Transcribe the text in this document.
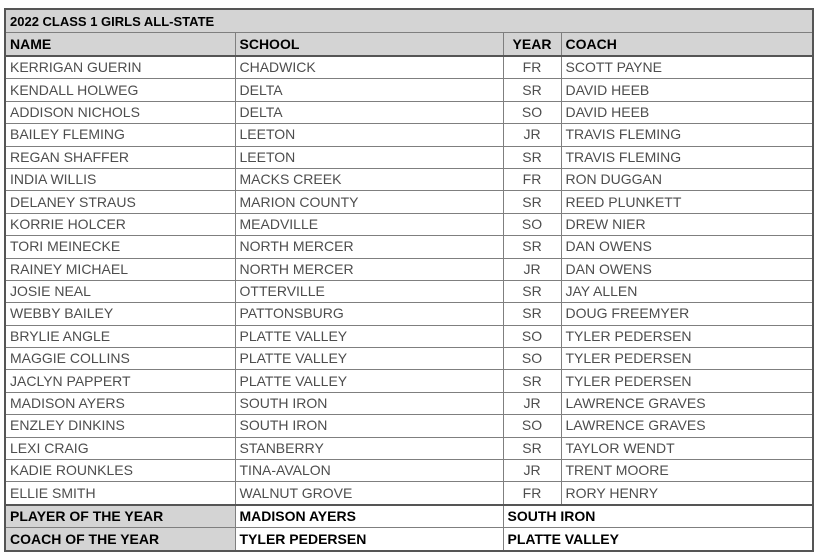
2022 CLASS 1 GIRLS ALL-STATE			
NAME	SCHOOL	YEAR	COACH
KERRIGAN GUERIN	CHADWICK	FR	SCOTT PAYNE
KENDALL HOLWEG	DELTA	SR	DAVID HEEB
ADDISON NICHOLS	DELTA	SO	DAVID HEEB
BAILEY FLEMING	LEETON	JR	TRAVIS FLEMING
REGAN SHAFFER	LEETON	SR	TRAVIS FLEMING
INDIA WILLIS	MACKS CREEK	FR	RON DUGGAN
DELANEY STRAUS	MARION COUNTY	SR	REED PLUNKETT
KORRIE HOLCER	MEADVILLE	SO	DREW NIER
TORI MEINECKE	NORTH MERCER	SR	DAN OWENS
RAINEY MICHAEL	NORTH MERCER	JR	DAN OWENS
JOSIE NEAL	OTTERVILLE	SR	JAY ALLEN
WEBBY BAILEY	PATTONSBURG	SR	DOUG FREEMYER
BRYLIE ANGLE	PLATTE VALLEY	SO	TYLER PEDERSEN
MAGGIE COLLINS	PLATTE VALLEY	SO	TYLER PEDERSEN
JACLYN PAPPERT	PLATTE VALLEY	SR	TYLER PEDERSEN
MADISON AYERS	SOUTH IRON	JR	LAWRENCE GRAVES
ENZLEY DINKINS	SOUTH IRON	SO	LAWRENCE GRAVES
LEXI CRAIG	STANBERRY	SR	TAYLOR WENDT
KADIE ROUNKLES	TINA-AVALON	JR	TRENT MOORE
ELLIE SMITH	WALNUT GROVE	FR	RORY HENRY
PLAYER OF THE YEAR	MADISON AYERS	SOUTH IRON	
COACH OF THE YEAR	TYLER PEDERSEN	PLATTE VALLEY	
